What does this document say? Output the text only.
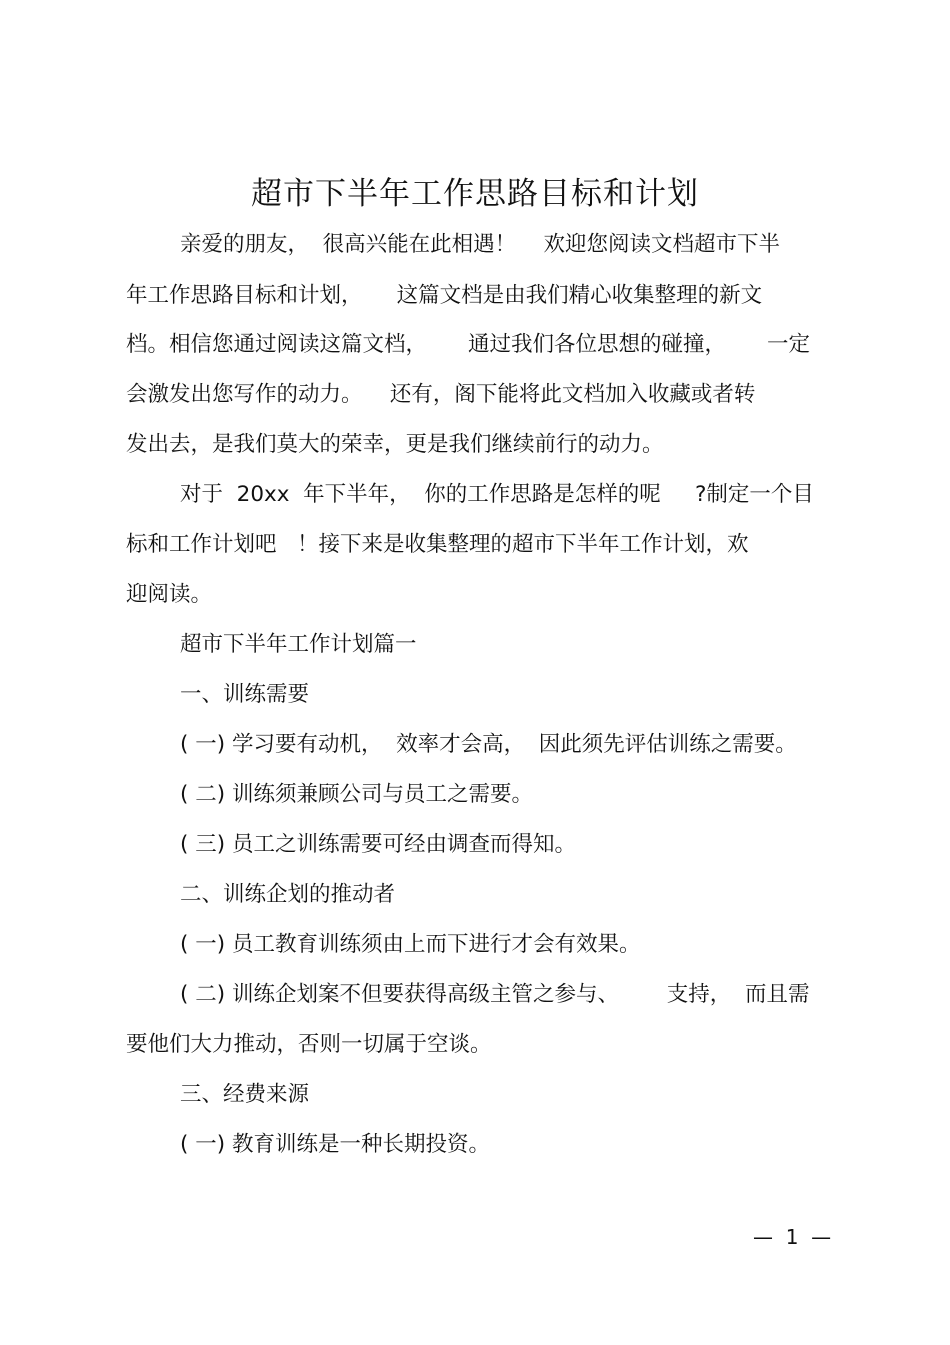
超市下半年工作思路目标和计划
亲爱的朋友，  很高兴能在此相遇！    欢迎您阅读文档超市下半
年工作思路目标和计划，     这篇文档是由我们精心收集整理的新文
档。相信您通过阅读这篇文档，      通过我们各位思想的碰撞，      一定
会激发出您写作的动力。    还有，阁下能将此文档加入收藏或者转
发出去，是我们莫大的荣幸，更是我们继续前行的动力。
对于  20xx  年下半年，  你的工作思路是怎样的呢     ?制定一个目
标和工作计划吧   ！接下来是收集整理的超市下半年工作计划，欢
迎阅读。
超市下半年工作计划篇一
一、训练需要
( 一) 学习要有动机，  效率才会高，  因此须先评估训练之需要。
( 二) 训练须兼顾公司与员工之需要。
( 三) 员工之训练需要可经由调查而得知。
二、训练企划的推动者
( 一) 员工教育训练须由上而下进行才会有效果。
( 二) 训练企划案不但要获得高级主管之参与、       支持，  而且需
要他们大力推动，否则一切属于空谈。
三、经费来源
( 一) 教育训练是一种长期投资。
—  1  —
